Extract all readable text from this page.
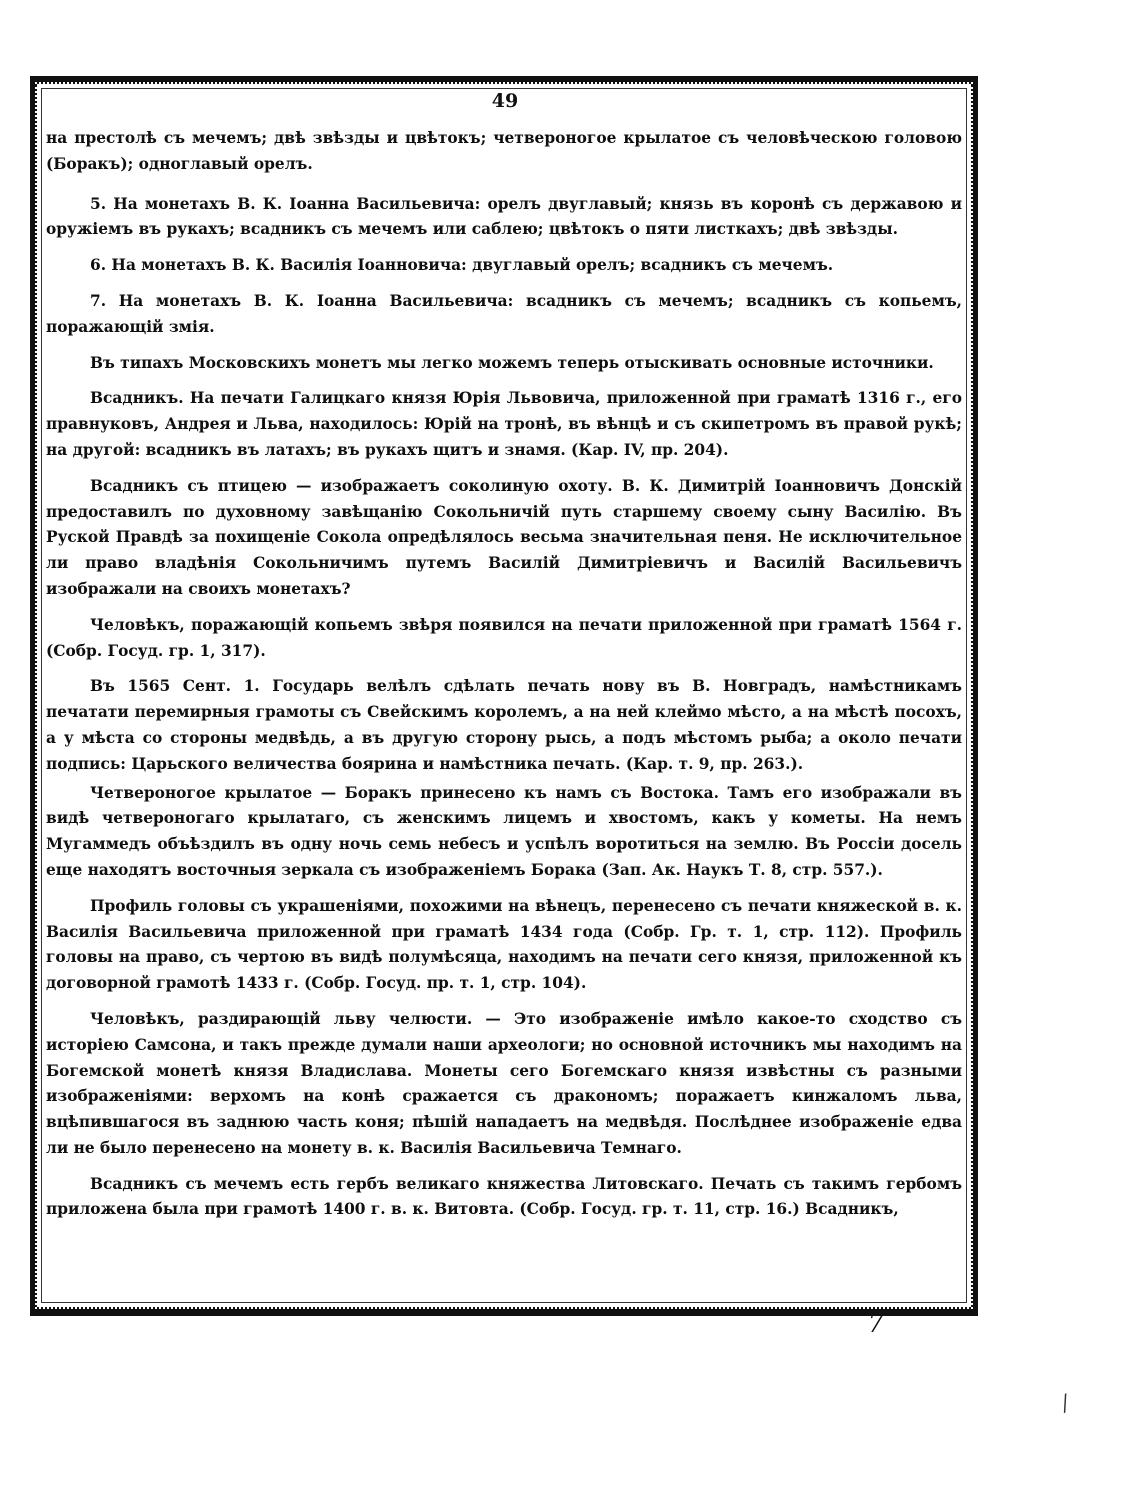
49

на престолѣ съ мечемъ; двѣ звѣзды и цвѣтокъ; четвероногое крылатое съ человѣческою головою (Боракъ); одноглавый орелъ.

5. На монетахъ В. К. Іоанна Васильевича: орелъ двуглавый; князь въ коронѣ съ державою и оружіемъ въ рукахъ; всадникъ съ мечемъ или саблею; цвѣтокъ о пяти листкахъ; двѣ звѣзды.

6. На монетахъ В. К. Василія Іоанновича: двуглавый орелъ; всадникъ съ мечемъ.

7. На монетахъ В. К. Іоанна Васильевича: всадникъ съ мечемъ; всадникъ съ копьемъ, поражающій змія.

Въ типахъ Московскихъ монетъ мы легко можемъ теперь отыскивать основные источники.

Всадникъ. На печати Галицкаго князя Юрія Львовича, приложенной при граматѣ 1316 г., его правнуковъ, Андрея и Льва, находилось: Юрій на тронѣ, въ вѣнцѣ и съ скипетромъ въ правой рукѣ; на другой: всадникъ въ латахъ; въ рукахъ щитъ и знамя. (Кар. IV, пр. 204).

Всадникъ съ птицею — изображаетъ соколиную охоту. В. К. Димитрій Іоанновичъ Донскій предоставилъ по духовному завѣщанію Сокольничій путь старшему своему сыну Василію. Въ Руской Правдѣ за похищеніе Сокола опредѣлялось весьма значительная пеня. Не исключительное ли право владѣнія Сокольничимъ путемъ Василій Димитріевичъ и Василій Васильевичъ изображали на своихъ монетахъ?

Человѣкъ, поражающій копьемъ звѣря появился на печати приложенной при граматѣ 1564 г. (Собр. Госуд. гр. 1, 317).

Въ 1565 Сент. 1. Государь велѣлъ сдѣлать печать нову въ В. Новградъ, намѣстникамъ печатати перемирныя грамоты съ Свейскимъ королемъ, а на ней клеймо мѣсто, а на мѣстѣ посохъ, а у мѣста со стороны медвѣдь, а въ другую сторону рысь, а подъ мѣстомъ рыба; а около печати подпись: Царьского величества боярина и намѣстника печать. (Кар. т. 9, пр. 263.).

Четвероногое крылатое — Боракъ принесено къ намъ съ Востока. Тамъ его изображали въ видѣ четвероногаго крылатаго, съ женскимъ лицемъ и хвостомъ, какъ у кометы. На немъ Мугаммедъ объѣздилъ въ одну ночь семь небесъ и успѣлъ воротиться на землю. Въ Россіи досель еще находятъ восточныя зеркала съ изображеніемъ Борака (Зап. Ак. Наукъ Т. 8, стр. 557.).

Профиль головы съ украшеніями, похожими на вѣнецъ, перенесено съ печати княжеской в. к. Василія Васильевича приложенной при граматѣ 1434 года (Собр. Гр. т. 1, стр. 112). Профиль головы на право, съ чертою въ видѣ полумѣсяца, находимъ на печати сего князя, приложенной къ договорной грамотѣ 1433 г. (Собр. Госуд. пр. т. 1, стр. 104).

Человѣкъ, раздирающій льву челюсти. — Это изображеніе имѣло какое-то сходство съ исторіею Самсона, и такъ прежде думали наши археологи; но основной источникъ мы находимъ на Богемской монетѣ князя Владислава. Монеты сего Богемскаго князя извѣстны съ разными изображеніями: верхомъ на конѣ сражается съ дракономъ; поражаетъ кинжаломъ льва, вцѣпившагося въ заднюю часть коня; пѣшій нападаетъ на медвѣдя. Послѣднее изображеніе едва ли не было перенесено на монету в. к. Василія Васильевича Темнаго.

Всадникъ съ мечемъ есть гербъ великаго княжества Литовскаго. Печать съ такимъ гербомъ приложена была при грамотѣ 1400 г. в. к. Витовта. (Собр. Госуд. гр. т. 11, стр. 16.) Всадникъ,

7
⁄
